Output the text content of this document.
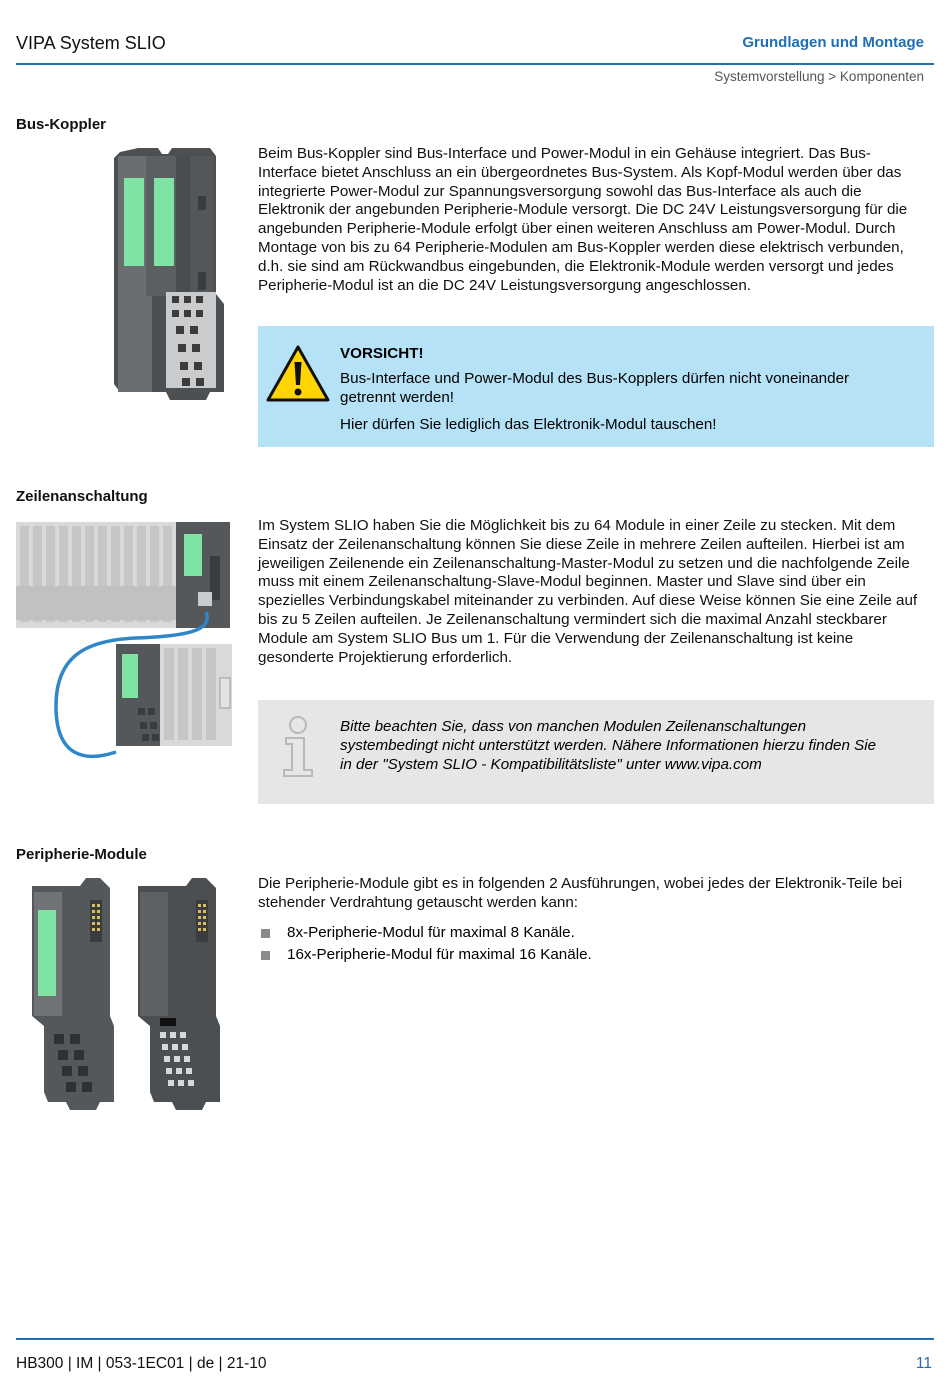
VIPA System SLIO	Grundlagen und Montage
Systemvorstellung > Komponenten
Bus-Koppler
Beim Bus-Koppler sind Bus-Interface und Power-Modul in ein Gehäuse integriert. Das Bus-Interface bietet Anschluss an ein übergeordnetes Bus-System. Als Kopf-Modul werden über das integrierte Power-Modul zur Spannungsversorgung sowohl das Bus-Interface als auch die Elektronik der angebunden Peripherie-Module versorgt. Die DC 24V Leistungsversorgung für die angebunden Peripherie-Module erfolgt über einen weiteren Anschluss am Power-Modul. Durch Montage von bis zu 64 Peripherie-Modulen am Bus-Koppler werden diese elektrisch verbunden, d.h. sie sind am Rückwandbus eingebunden, die Elektronik-Module werden versorgt und jedes Peripherie-Modul ist an die DC 24V Leistungsversorgung angeschlossen.
VORSICHT!
Bus-Interface und Power-Modul des Bus-Kopplers dürfen nicht voneinander getrennt werden!
Hier dürfen Sie lediglich das Elektronik-Modul tauschen!
Zeilenanschaltung
Im System SLIO haben Sie die Möglichkeit bis zu 64 Module in einer Zeile zu stecken. Mit dem Einsatz der Zeilenanschaltung können Sie diese Zeile in mehrere Zeilen aufteilen. Hierbei ist am jeweiligen Zeilenende ein Zeilenanschaltung-Master-Modul zu setzen und die nachfolgende Zeile muss mit einem Zeilenanschaltung-Slave-Modul beginnen. Master und Slave sind über ein spezielles Verbindungskabel miteinander zu verbinden. Auf diese Weise können Sie eine Zeile auf bis zu 5 Zeilen aufteilen. Je Zeilenanschaltung vermindert sich die maximal Anzahl steckbarer Module am System SLIO Bus um 1. Für die Verwendung der Zeilenanschaltung ist keine gesonderte Projektierung erforderlich.
Bitte beachten Sie, dass von manchen Modulen Zeilenanschaltungen systembedingt nicht unterstützt werden. Nähere Informationen hierzu finden Sie in der "System SLIO - Kompatibilitätsliste" unter www.vipa.com
Peripherie-Module
Die Peripherie-Module gibt es in folgenden 2 Ausführungen, wobei jedes der Elektronik-Teile bei stehender Verdrahtung getauscht werden kann:
8x-Peripherie-Modul für maximal 8 Kanäle.
16x-Peripherie-Modul für maximal 16 Kanäle.
HB300 | IM | 053-1EC01 | de | 21-10	11
